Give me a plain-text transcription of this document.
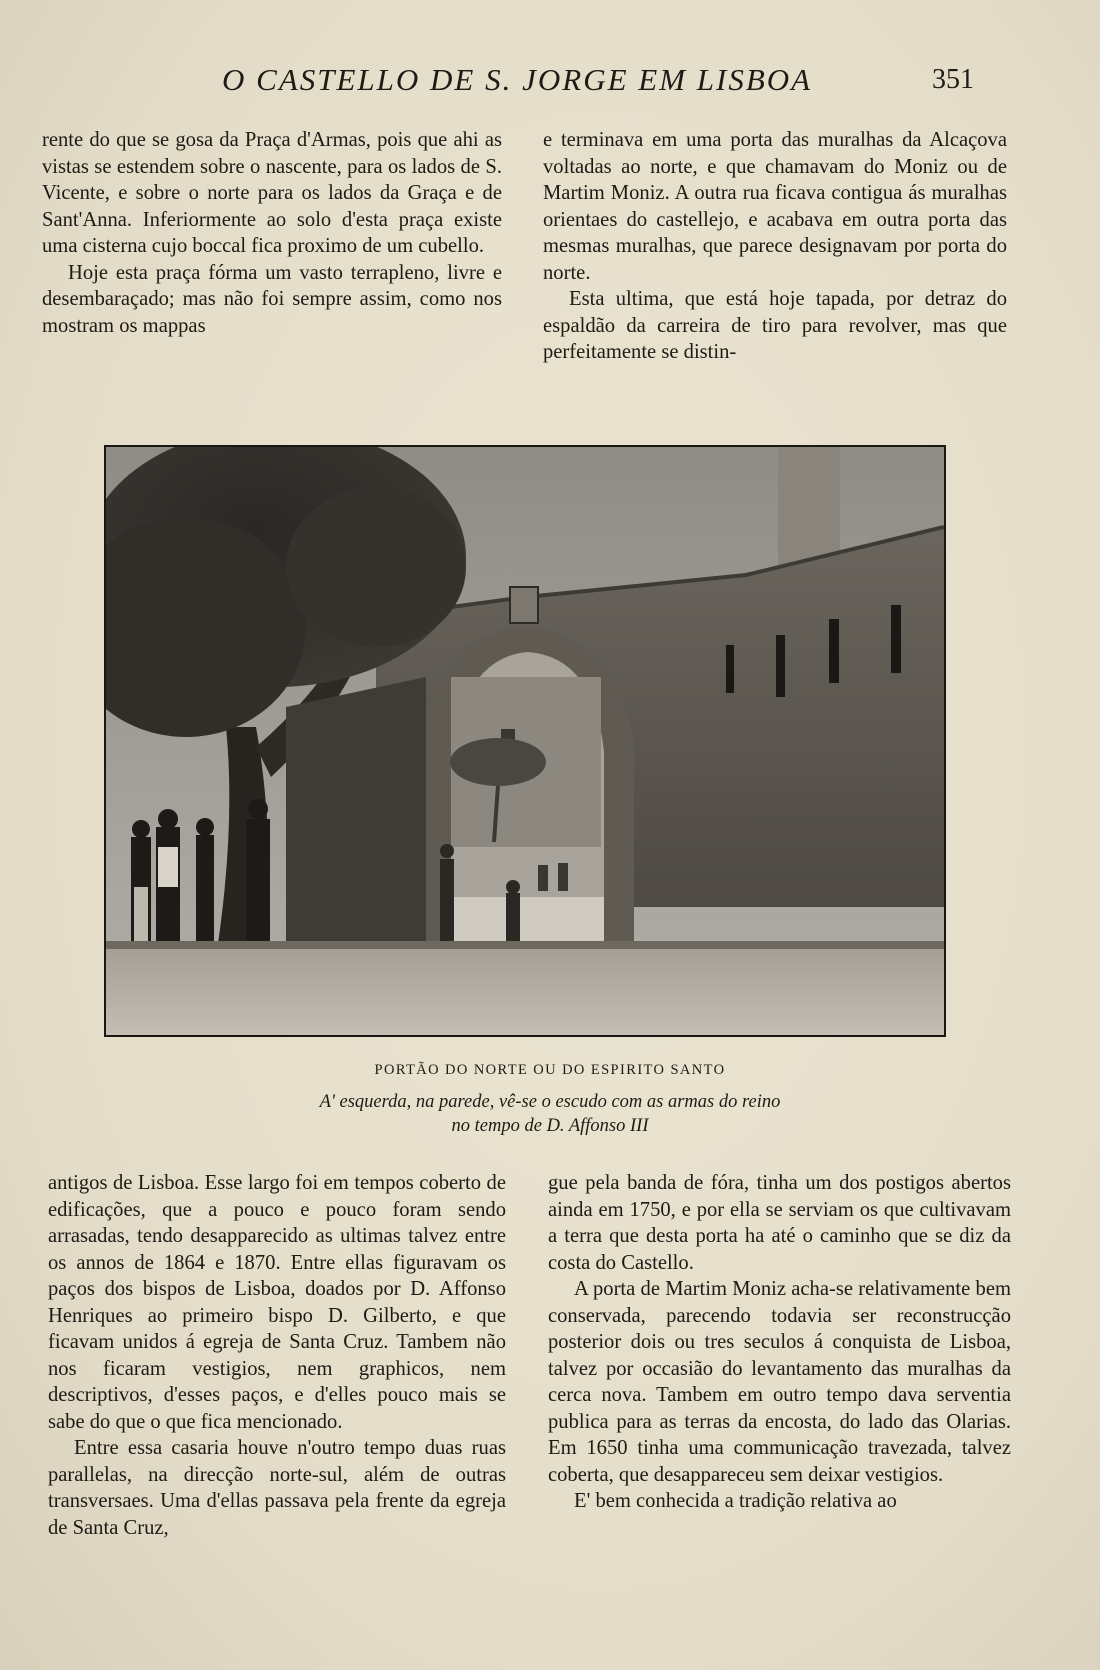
O CASTELLO DE S. JORGE EM LISBOA	351

rente do que se gosa da Praça d'Armas, pois que ahi as vistas se estendem sobre o nascente, para os lados de S. Vicente, e sobre o norte para os lados da Graça e de Sant'Anna. Inferiormente ao solo d'esta praça existe uma cisterna cujo boccal fica proximo de um cubello.

Hoje esta praça fórma um vasto terrapleno, livre e desembaraçado; mas não foi sempre assim, como nos mostram os mappas

e terminava em uma porta das muralhas da Alcaçova voltadas ao norte, e que chamavam do Moniz ou de Martim Moniz. A outra rua ficava contigua ás muralhas orientaes do castellejo, e acabava em outra porta das mesmas muralhas, que parece designavam por porta do norte.

Esta ultima, que está hoje tapada, por detraz do espaldão da carreira de tiro para revolver, mas que perfeitamente se distin-

PORTÃO DO NORTE OU DO ESPIRITO SANTO
A' esquerda, na parede, vê-se o escudo com as armas do reino
no tempo de D. Affonso III

antigos de Lisboa. Esse largo foi em tempos coberto de edificações, que a pouco e pouco foram sendo arrasadas, tendo desapparecido as ultimas talvez entre os annos de 1864 e 1870. Entre ellas figuravam os paços dos bispos de Lisboa, doados por D. Affonso Henriques ao primeiro bispo D. Gilberto, e que ficavam unidos á egreja de Santa Cruz. Tambem não nos ficaram vestigios, nem graphicos, nem descriptivos, d'esses paços, e d'elles pouco mais se sabe do que o que fica mencionado.

Entre essa casaria houve n'outro tempo duas ruas parallelas, na direcção norte-sul, além de outras transversaes. Uma d'ellas passava pela frente da egreja de Santa Cruz,

gue pela banda de fóra, tinha um dos postigos abertos ainda em 1750, e por ella se serviam os que cultivavam a terra que desta porta ha até o caminho que se diz da costa do Castello.

A porta de Martim Moniz acha-se relativamente bem conservada, parecendo todavia ser reconstrucção posterior dois ou tres seculos á conquista de Lisboa, talvez por occasião do levantamento das muralhas da cerca nova. Tambem em outro tempo dava serventia publica para as terras da encosta, do lado das Olarias. Em 1650 tinha uma communicação travezada, talvez coberta, que desappareceu sem deixar vestigios.

E' bem conhecida a tradição relativa ao
